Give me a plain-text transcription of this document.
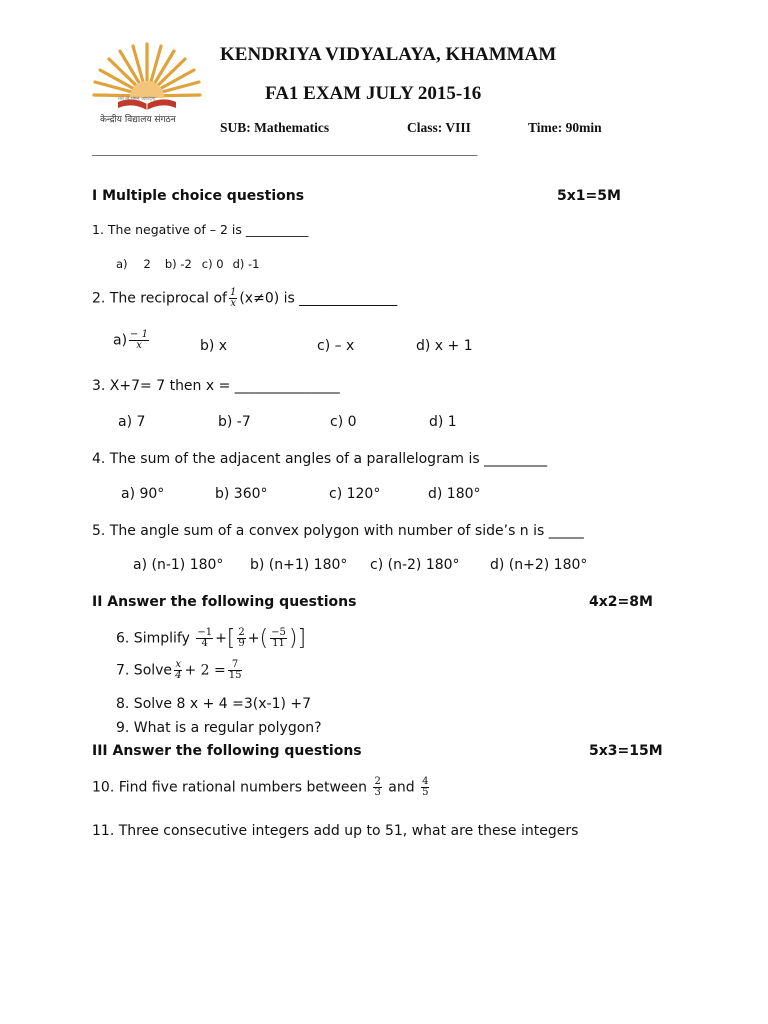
तत् त्वं पूषन् अपावृणु
केन्द्रीय विद्यालय संगठन
KENDRIYA VIDYALAYA, KHAMMAM
FA1 EXAM JULY 2015-16
SUB: Mathematics	Class: VIII	Time: 90min
______________________________________________________________________
I Multiple choice questions	5x1=5M
1. The negative of – 2 is __________
a) 2 b) -2 c) 0 d) -1
2. The reciprocal of $\frac{1}{x} (x\ne 0)$ is ______________
$a) \frac{- 1}{x}$	b) x	c) – x	d) x + 1
3. X+7= 7 then x = _______________
a) 7	b) -7	c) 0	d) 1
4. The sum of the adjacent angles of a parallelogram is _________
a) 90°	b) 360°	c) 120°	d) 180°
5. The angle sum of a convex polygon with number of side’s n is _____
a) (n-1) 180° b) (n+1) 180° c) (n-2) 180° d) (n+2) 180°
II Answer the following questions	4x2=8M
6. Simplify $\frac{-1}{4}$ +[ $\frac{2}{9}$ +( $\frac{-5}{11}$ )]
7. Solve $\frac{x}{4} + 2 = \frac{7}{15}$
8. Solve 8 x + 4 =3(x-1) +7
9. What is a regular polygon?
III Answer the following questions	5x3=15M
10. Find five rational numbers between $\frac{2}{3}$ and $\frac{4}{5}$
11. Three consecutive integers add up to 51, what are these integers
